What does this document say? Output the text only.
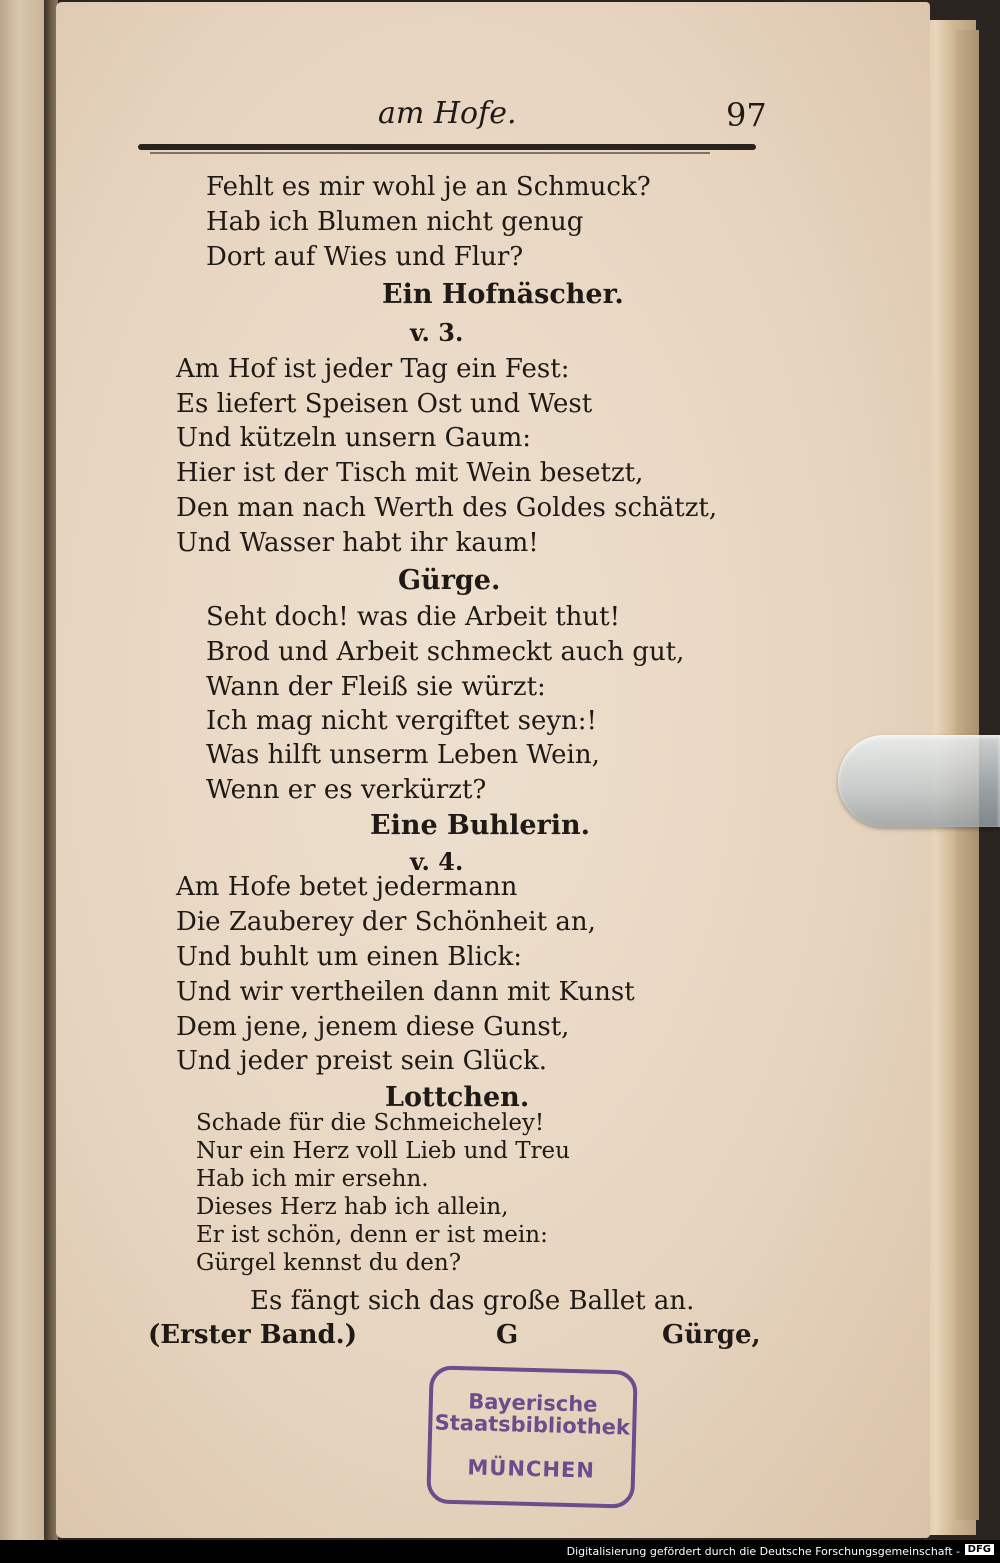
am Hofe.	97
Fehlt es mir wohl je an Schmuck?
Hab ich Blumen nicht genug
Dort auf Wies und Flur?
Ein Hofnäscher.
v. 3.
Am Hof ist jeder Tag ein Fest:
Es liefert Speisen Ost und West
Und kützeln unsern Gaum:
Hier ist der Tisch mit Wein besetzt,
Den man nach Werth des Goldes schätzt,
Und Wasser habt ihr kaum!
Gürge.
Seht doch! was die Arbeit thut!
Brod und Arbeit schmeckt auch gut,
Wann der Fleiß sie würzt:
Ich mag nicht vergiftet seyn:!
Was hilft unserm Leben Wein,
Wenn er es verkürzt?
Eine Buhlerin.
v. 4.
Am Hofe betet jedermann
Die Zauberey der Schönheit an,
Und buhlt um einen Blick:
Und wir vertheilen dann mit Kunst
Dem jene, jenem diese Gunst,
Und jeder preist sein Glück.
Lottchen.
Schade für die Schmeicheley!
Nur ein Herz voll Lieb und Treu
Hab ich mir ersehn.
Dieses Herz hab ich allein,
Er ist schön, denn er ist mein:
Gürgel kennst du den?
Es fängt sich das große Ballet an.
(Erster Band.)	G	Gürge,
Bayerische
Staatsbibliothek
MÜNCHEN
Digitalisierung gefördert durch die Deutsche Forschungsgemeinschaft - DFG
